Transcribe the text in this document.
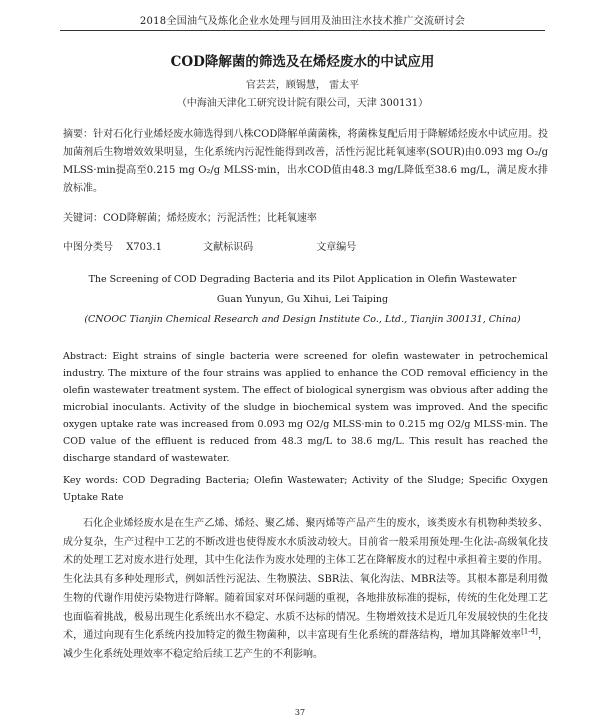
2018全国油气及炼化企业水处理与回用及油田注水技术推广交流研讨会
COD降解菌的筛选及在烯烃废水的中试应用
官芸芸，顾锡慧， 雷太平
（中海油天津化工研究设计院有限公司，天津 300131）
摘要：针对石化行业烯烃废水筛选得到八株COD降解单菌菌株，将菌株复配后用于降解烯烃废水中试应用。投加菌剂后生物增效效果明显，生化系统内污泥性能得到改善，活性污泥比耗氧速率(SOUR)由0.093 mg O₂/g MLSS·min提高至0.215 mg O₂/g MLSS·min，出水COD值由48.3 mg/L降低至38.6 mg/L，满足废水排放标准。
关键词：COD降解菌；烯烃废水；污泥活性；比耗氧速率
中图分类号 X703.1	文献标识码	文章编号
The Screening of COD Degrading Bacteria and its Pilot Application in Olefin Wastewater
Guan Yunyun, Gu Xihui, Lei Taiping
(CNOOC Tianjin Chemical Research and Design Institute Co., Ltd., Tianjin 300131, China)
Abstract: Eight strains of single bacteria were screened for olefin wastewater in petrochemical industry. The mixture of the four strains was applied to enhance the COD removal efficiency in the olefin wastewater treatment system. The effect of biological synergism was obvious after adding the microbial inoculants. Activity of the sludge in biochemical system was improved. And the specific oxygen uptake rate was increased from 0.093 mg O2/g MLSS·min to 0.215 mg O2/g MLSS·min. The COD value of the effluent is reduced from 48.3 mg/L to 38.6 mg/L. This result has reached the discharge standard of wastewater.
Key words: COD Degrading Bacteria; Olefin Wastewater; Activity of the Sludge; Specific Oxygen Uptake Rate
石化企业烯烃废水是在生产乙烯、烯烃、聚乙烯、聚丙烯等产品产生的废水，该类废水有机物种类较多、成分复杂，生产过程中工艺的不断改进也使得废水水质波动较大。目前省一般采用预处理-生化法-高级氧化技术的处理工艺对废水进行处理，其中生化法作为废水处理的主体工艺在降解废水的过程中承担着主要的作用。生化法具有多种处理形式，例如活性污泥法、生物膜法、SBR法、氧化沟法、MBR法等。其根本都是利用微生物的代谢作用使污染物进行降解。随着国家对环保问题的重视，各地排放标准的提标，传统的生化处理工艺也面临着挑战，极易出现生化系统出水不稳定、水质不达标的情况。生物增效技术是近几年发展较快的生化技术，通过向现有生化系统内投加特定的微生物菌种，以丰富现有生化系统的群落结构，增加其降解效率[1-4]，减少生化系统处理效率不稳定给后续工艺产生的不利影响。
37
